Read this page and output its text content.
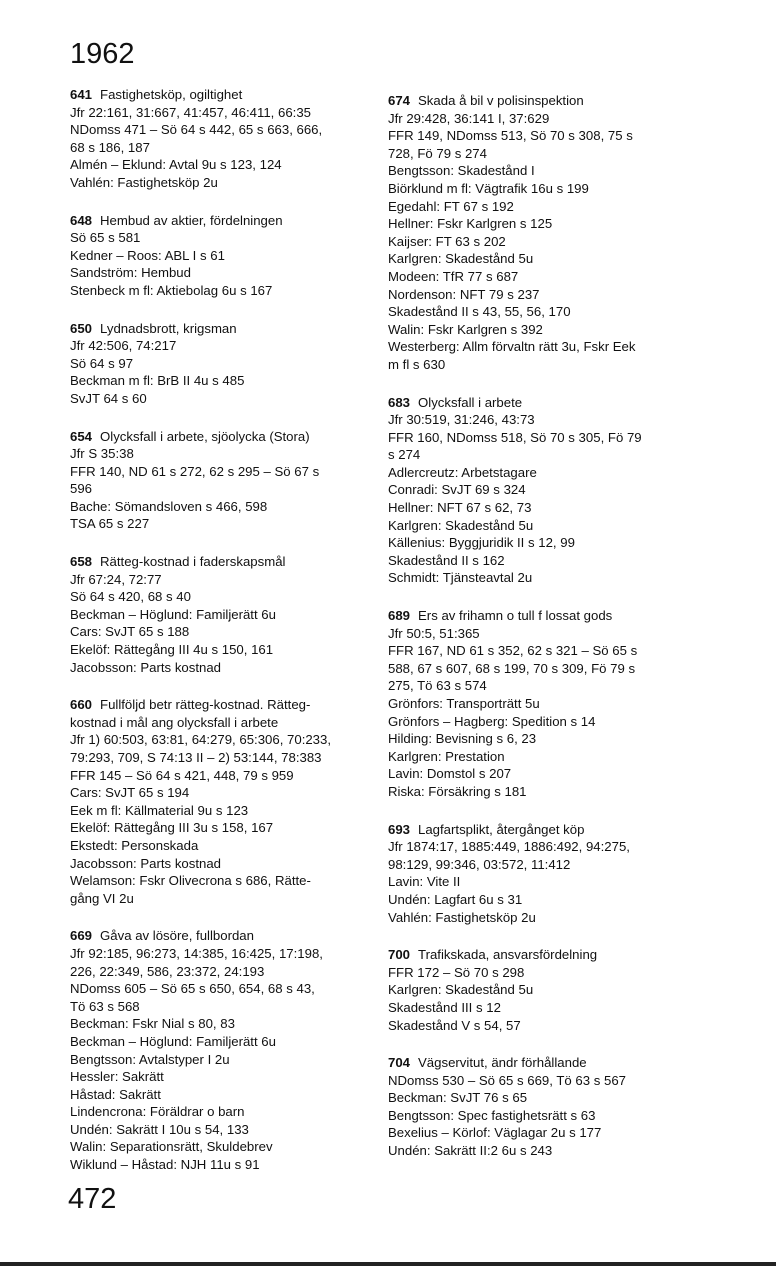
1962
641 Fastighetsköp, ogiltighet
Jfr 22:161, 31:667, 41:457, 46:411, 66:35
NDomss 471 – Sö 64 s 442, 65 s 663, 666,
68 s 186, 187
Almén – Eklund: Avtal 9u s 123, 124
Vahlén: Fastighetsköp 2u
648 Hembud av aktier, fördelningen
Sö 65 s 581
Kedner – Roos: ABL I s 61
Sandström: Hembud
Stenbeck m fl: Aktiebolag 6u s 167
650 Lydnadsbrott, krigsman
Jfr 42:506, 74:217
Sö 64 s 97
Beckman m fl: BrB II 4u s 485
SvJT 64 s 60
654 Olycksfall i arbete, sjöolycka (Stora)
Jfr S 35:38
FFR 140, ND 61 s 272, 62 s 295 – Sö 67 s
596
Bache: Sömandsloven s 466, 598
TSA 65 s 227
658 Rätteg-kostnad i faderskapsmål
Jfr 67:24, 72:77
Sö 64 s 420, 68 s 40
Beckman – Höglund: Familjerätt 6u
Cars: SvJT 65 s 188
Ekelöf: Rättegång III 4u s 150, 161
Jacobsson: Parts kostnad
660 Fullföljd betr rätteg-kostnad. Rätteg-
kostnad i mål ang olycksfall i arbete
Jfr 1) 60:503, 63:81, 64:279, 65:306, 70:233,
79:293, 709, S 74:13 II – 2) 53:144, 78:383
FFR 145 – Sö 64 s 421, 448, 79 s 959
Cars: SvJT 65 s 194
Eek m fl: Källmaterial 9u s 123
Ekelöf: Rättegång III 3u s 158, 167
Ekstedt: Personskada
Jacobsson: Parts kostnad
Welamson: Fskr Olivecrona s 686, Rätte-
gång VI 2u
669 Gåva av lösöre, fullbordan
Jfr 92:185, 96:273, 14:385, 16:425, 17:198,
226, 22:349, 586, 23:372, 24:193
NDomss 605 – Sö 65 s 650, 654, 68 s 43,
Tö 63 s 568
Beckman: Fskr Nial s 80, 83
Beckman – Höglund: Familjerätt 6u
Bengtsson: Avtalstyper I 2u
Hessler: Sakrätt
Håstad: Sakrätt
Lindencrona: Föräldrar o barn
Undén: Sakrätt I 10u s 54, 133
Walin: Separationsrätt, Skuldebrev
Wiklund – Håstad: NJH 11u s 91
674 Skada å bil v polisinspektion
Jfr 29:428, 36:141 I, 37:629
FFR 149, NDomss 513, Sö 70 s 308, 75 s
728, Fö 79 s 274
Bengtsson: Skadestånd I
Biörklund m fl: Vägtrafik 16u s 199
Egedahl: FT 67 s 192
Hellner: Fskr Karlgren s 125
Kaijser: FT 63 s 202
Karlgren: Skadestånd 5u
Modeen: TfR 77 s 687
Nordenson: NFT 79 s 237
Skadestånd II s 43, 55, 56, 170
Walin: Fskr Karlgren s 392
Westerberg: Allm förvaltn rätt 3u, Fskr Eek
m fl s 630
683 Olycksfall i arbete
Jfr 30:519, 31:246, 43:73
FFR 160, NDomss 518, Sö 70 s 305, Fö 79
s 274
Adlercreutz: Arbetstagare
Conradi: SvJT 69 s 324
Hellner: NFT 67 s 62, 73
Karlgren: Skadestånd 5u
Källenius: Byggjuridik II s 12, 99
Skadestånd II s 162
Schmidt: Tjänsteavtal 2u
689 Ers av frihamn o tull f lossat gods
Jfr 50:5, 51:365
FFR 167, ND 61 s 352, 62 s 321 – Sö 65 s
588, 67 s 607, 68 s 199, 70 s 309, Fö 79 s
275, Tö 63 s 574
Grönfors: Transporträtt 5u
Grönfors – Hagberg: Spedition s 14
Hilding: Bevisning s 6, 23
Karlgren: Prestation
Lavin: Domstol s 207
Riska: Försäkring s 181
693 Lagfartsplikt, återgånget köp
Jfr 1874:17, 1885:449, 1886:492, 94:275,
98:129, 99:346, 03:572, 11:412
Lavin: Vite II
Undén: Lagfart 6u s 31
Vahlén: Fastighetsköp 2u
700 Trafikskada, ansvarsfördelning
FFR 172 – Sö 70 s 298
Karlgren: Skadestånd 5u
Skadestånd III s 12
Skadestånd V s 54, 57
704 Vägservitut, ändr förhållande
NDomss 530 – Sö 65 s 669, Tö 63 s 567
Beckman: SvJT 76 s 65
Bengtsson: Spec fastighetsrätt s 63
Bexelius – Körlof: Väglagar 2u s 177
Undén: Sakrätt II:2 6u s 243
472
